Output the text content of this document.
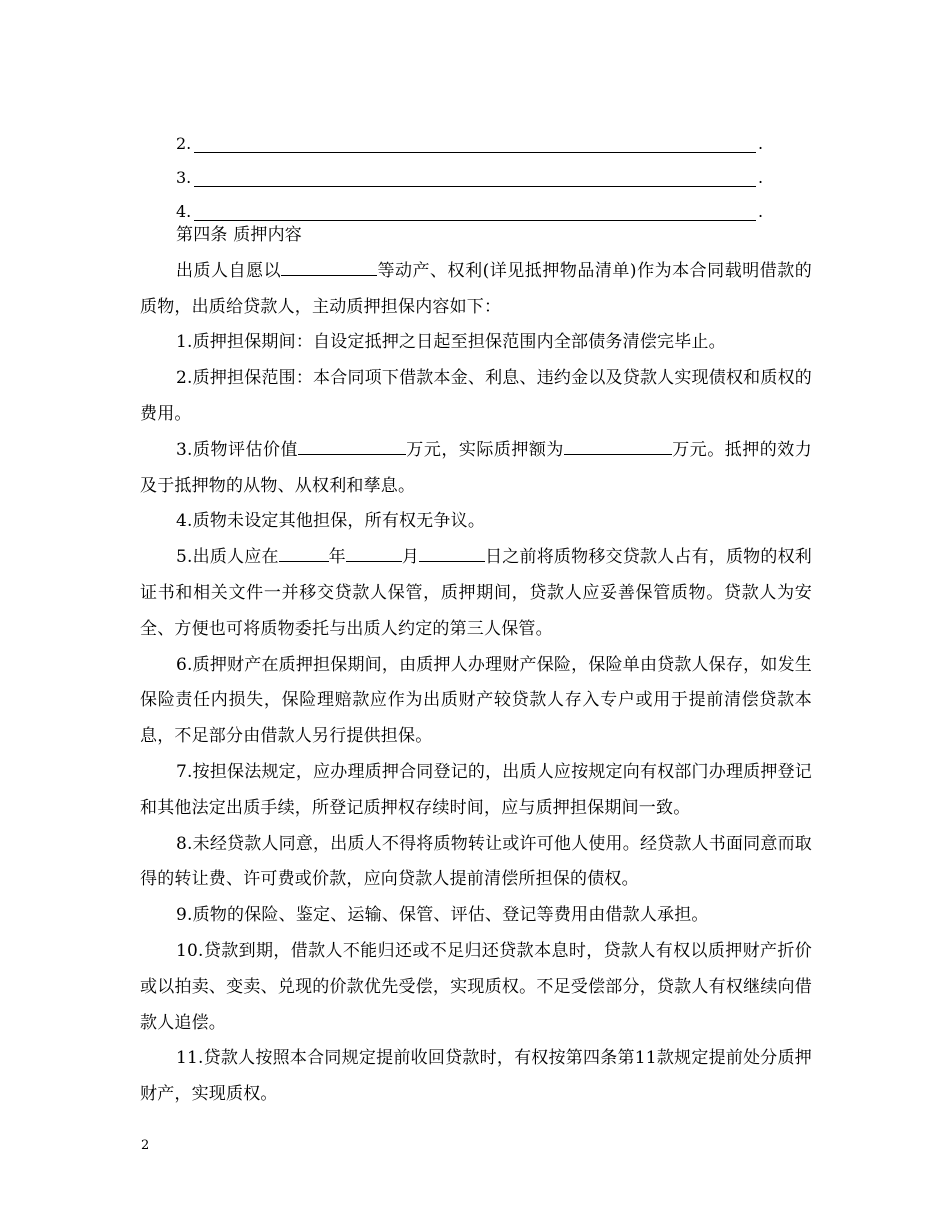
2.	.
3.	.
4.	.

第四条 质押内容

出质人自愿以	等动产、权利(详见抵押物品清单)作为本合同载明借款的质物，出质给贷款人，主动质押担保内容如下：

1.质押担保期间：自设定抵押之日起至担保范围内全部债务清偿完毕止。

2.质押担保范围：本合同项下借款本金、利息、违约金以及贷款人实现债权和质权的费用。

3.质物评估价值	万元，实际质押额为	万元。抵押的效力及于抵押物的从物、从权利和孳息。

4.质物未设定其他担保，所有权无争议。

5.出质人应在	年	月	日之前将质物移交贷款人占有，质物的权利证书和相关文件一并移交贷款人保管，质押期间，贷款人应妥善保管质物。贷款人为安全、方便也可将质物委托与出质人约定的第三人保管。

6.质押财产在质押担保期间，由质押人办理财产保险，保险单由贷款人保存，如发生保险责任内损失，保险理赔款应作为出质财产较贷款人存入专户或用于提前清偿贷款本息，不足部分由借款人另行提供担保。

7.按担保法规定，应办理质押合同登记的，出质人应按规定向有权部门办理质押登记和其他法定出质手续，所登记质押权存续时间，应与质押担保期间一致。

8.未经贷款人同意，出质人不得将质物转让或许可他人使用。经贷款人书面同意而取得的转让费、许可费或价款，应向贷款人提前清偿所担保的债权。

9.质物的保险、鉴定、运输、保管、评估、登记等费用由借款人承担。

10.贷款到期，借款人不能归还或不足归还贷款本息时，贷款人有权以质押财产折价或以拍卖、变卖、兑现的价款优先受偿，实现质权。不足受偿部分，贷款人有权继续向借款人追偿。

11.贷款人按照本合同规定提前收回贷款时，有权按第四条第11款规定提前处分质押财产，实现质权。

2
